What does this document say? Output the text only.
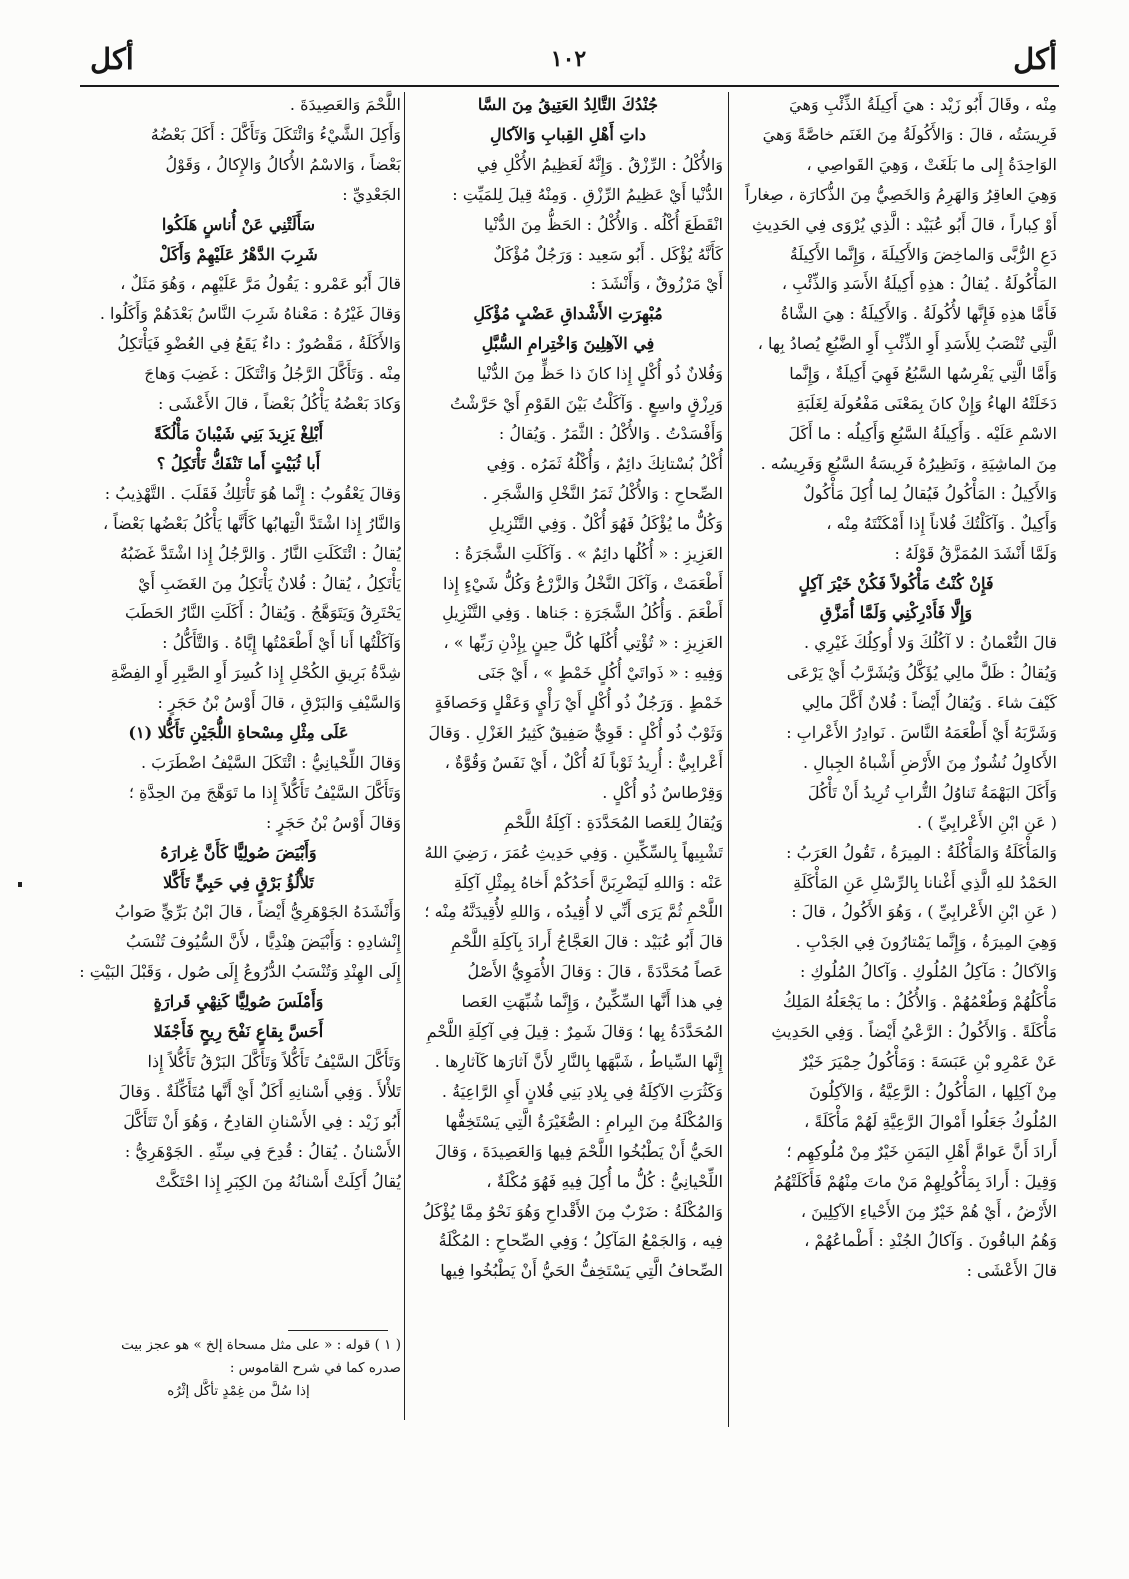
أكل
١٠٢
أكل

مِنْه ، وقَالَ أَبُو زَيْد : هيَ أَكِيلَةُ الذِّئْبِ وَهيَ

فَرِيسَتُه ، قالَ : وَالأَكُولَةُ مِنَ الغَنَم خاصَّةً وَهيَ

الوَاحِدَةُ إِلى ما بَلَغَتْ ، وَهِيَ القَواصِي ،

وَهِيَ العاقِرُ وَالهَرِمُ وَالخَصِيُّ مِنَ الذُّكارَة ، صِغاراً

أَوْ كِباراً ، قالَ أَبُو عُبَيْد : الَّذِي يُرْوَى فِي الحَدِيثِ

دَعِ الرُّبَّى وَالماخِضَ وَالأَكِيلَةَ ، وَإِنَّما الأَكِيلَةُ

المَأْكُولَةُ . يُقالُ : هذِهِ أَكِيلَةُ الأَسَدِ وَالذِّئْبِ ،

فَأَمَّا هذِهِ فَإِنَّها لأُكُولَةُ . وَالأَكِيلَةُ : هِيَ الشَّاةُ

الَّتِي تُنْصَبُ لِلأَسَدِ أَوِ الذِّئْبِ أَوِ الضَّبُعِ يُصادُ بِها ،

وَأَمَّا الَّتِي يَفْرِسُها السَّبُعُ فَهِيَ أَكِيلَةٌ ، وَإِنَّما

دَخَلَتْهُ الهاءُ وَإِنْ كانَ بِمَعْنَى مَفْعُولَة لِغَلَبَةِ

الاسْمِ عَلَيْه . وَأَكِيلَةُ السَّبُعِ وَأَكِيلُه : ما أَكَلَ

مِنَ الماشِيَةِ ، وَنَظِيرُهُ فَرِيسَةُ السَّبُعِ وَفَرِيسُه .

وَالأَكِيلُ : المَأْكُولُ فَيُقالُ لِما أُكِلَ مَأْكُولٌ

وَأَكِيلٌ . وَآكَلْتُكَ فُلاناً إِذا أَمْكَنْتَهُ مِنْه ،

وَلَمَّا أَنْشَدَ المُمَزَّقُ قَوْلَهُ :

فَإِنْ كُنْتُ مَأْكُولاً فَكُنْ خَيْرَ آكِلٍ

وَإِلَّا فَأَدْرِكْنِي وَلَمَّا أُمَزَّقِ

قالَ النُّعْمانُ : لا آكُلُكَ وَلا أُوكِلُكَ غَيْرِي .

وَيُقالُ : ظَلَّ مالِي يُؤَكَّلُ وَيُشَرَّبُ أَيْ يَرْعَى

كَيْفَ شاءَ . وَيُقالُ أَيْضاً : فُلانٌ أَكَّلَ مالِي

وَشَرَّبَهُ أَيْ أَطْعَمَهُ النَّاسَ . نَوادِرُ الأَعْرابِ :

الأَكاوِلُ نُشُوزٌ مِنَ الأَرْضِ أَشْباهُ الجِبالِ .

وَأَكَلَ البَهْمَةُ تَناوُلُ التُّرابِ تُرِيدُ أَنْ تَأْكُلَ

( عَنِ ابْنِ الأَعْرابِيِّ ) .

وَالمَأْكَلَةُ وَالمَأْكُلَةُ : المِيرَةُ ، تَقُولُ العَرَبُ :

الحَمْدُ للهِ الَّذِي أَغْنانا بِالرِّسْلِ عَنِ المَأْكَلَةِ

( عَنِ ابْنِ الأَعْرابِيِّ ) ، وَهُوَ الأَكُولُ ، قالَ :

وَهِيَ المِيرَةُ ، وَإِنَّما يَمْتارُونَ فِي الجَدْبِ .

وَالآكالُ : مَآكِلُ المُلُوكِ . وَآكالُ المُلُوكِ :

مَأْكَلُهُمْ وَطُعْمُهُمْ . وَالأُكُلُ : ما يَجْعَلُهُ المَلِكُ

مَأْكَلَةً . وَالأَكُولُ : الرَّعْيُ أَيْضاً . وَفِي الحَدِيثِ

عَنْ عَمْرِو بْنِ عَبَسَةَ : وَمَأْكُولُ حِمْيَرَ خَيْرٌ

مِنْ آكِلِها ، المَأْكُولُ : الرَّعِيَّةُ ، وَالآكِلُونَ

المُلُوكُ جَعَلُوا أَمْوالَ الرَّعِيَّةِ لَهُمْ مَأْكَلَةً ،

أَرادَ أَنَّ عَوامَّ أَهْلِ اليَمَنِ خَيْرٌ مِنْ مُلُوكِهِم ؛

وَقِيلَ : أَرادَ بِمَأْكُولِهِمْ مَنْ ماتَ مِنْهُمْ فَأَكَلَتْهُمُ

الأَرْضُ ، أَيْ هُمْ خَيْرٌ مِنَ الأَحْياءِ الآكِلِينَ ،

وَهُمُ الباقُونَ . وَآكالُ الجُنْدِ : أَطْماعُهُمْ ،

قالَ الأَعْشَى :

جُنْدُكَ التَّالِدُ العَتِيقُ مِنَ السَّا

داتِ أَهْلِ القِبابِ وَالآكالِ

وَالأُكْلُ : الرِّزْقُ . وَإِنَّهُ لَعَظِيمُ الأُكْلِ فِي

الدُّنْيا أَيْ عَظِيمُ الرِّزْقِ . وَمِنْهُ قِيلَ لِلمَيِّتِ :

انْقَطَعَ أُكْلُه . وَالأُكْلُ : الحَظُّ مِنَ الدُّنْيا

كَأَنَّهُ يُؤْكَل . أَبُو سَعِيد : وَرَجُلٌ مُؤْكَلٌ

أَيْ مَرْزُوقٌ ، وَأَنْشَدَ :

مُبْهِرَتِ الأَشْداقِ عَضْبٍ مُؤْكَلِ

فِي الآهِلِينَ وَاخْتِرامِ السُّبَّلِ

وَفُلانٌ ذُو أُكْلٍ إِذا كانَ ذا حَظٍّ مِنَ الدُّنْيا

وَرِزْقٍ واسِعٍ . وَآكَلْتُ بَيْنَ القَوْمِ أَيْ حَرَّشْتُ

وَأَفْسَدْتُ . وَالأُكْلُ : الثَّمَرُ . وَيُقالُ :

أُكْلُ بُسْتانِكَ دائِمٌ ، وَأُكْلُهُ ثَمَرُه . وَفِي

الصِّحاحِ : وَالأُكْلُ ثَمَرُ النَّخْلِ وَالشَّجَرِ .

وَكُلُّ ما يُؤْكَلُ فَهُوَ أُكْلٌ . وَفِي التَّنْزِيلِ

العَزِيزِ : « أُكُلُها دائِمٌ » . وَآكَلَتِ الشَّجَرَةُ :

أَطْعَمَتْ ، وَآكَلَ النَّخْلُ وَالزَّرْعُ وَكُلُّ شَيْءٍ إِذا

أَطْعَمَ . وَأُكُلُ الشَّجَرَةِ : جَناها . وَفِي التَّنْزِيلِ

العَزِيزِ : « تُؤْتِي أُكُلَها كُلَّ حِينٍ بِإِذْنِ رَبِّها » ،

وَفِيهِ : « ذَواتَيْ أُكُلٍ خَمْطٍ » ، أَيْ جَنَى

خَمْطٍ . وَرَجُلٌ ذُو أُكْلٍ أَيْ رَأْيٍ وَعَقْلٍ وَحَصافَةٍ

وَثَوْبٌ ذُو أُكْلٍ : قَوِيٌّ صَفِيقٌ كَثِيرُ الغَزْلِ . وَقالَ

أَعْرابِيٌّ : أُرِيدُ ثَوْباً لَهُ أُكْلٌ ، أَيْ نَفَسٌ وَقُوَّةٌ ،

وَقِرْطاسٌ ذُو أُكْلٍ .

وَيُقالُ لِلعَصا المُحَدَّدَةِ : آكِلَةُ اللَّحْمِ

تَشْبِيهاً بِالسِّكِّينِ . وَفِي حَدِيثِ عُمَرَ ، رَضِيَ اللهُ

عَنْه : وَاللهِ لَيَضْرِبَنَّ أَحَدُكُمْ أَخاهُ بِمِثْلِ آكِلَةِ

اللَّحْمِ ثُمَّ يَرَى أَنِّي لا أُقِيدُه ، وَاللهِ لأُقِيدَنَّهُ مِنْه ؛

قالَ أَبُو عُبَيْد : قالَ العَجَّاجُ أَرادَ بِآكِلَةِ اللَّحْمِ

عَصاً مُحَدَّدَةً ، قالَ : وَقالَ الأُمَوِيُّ الأَصْلُ

فِي هذا أَنَّها السِّكِّينُ ، وَإِنَّما شُبِّهَتِ العَصا

المُحَدَّدَةُ بِها ؛ وَقالَ شَمِرٌ : قِيلَ فِي آكِلَةِ اللَّحْمِ

إِنَّها السِّياطُ ، شَبَّهَها بِالنَّارِ لأَنَّ آثارَها كَآثارِها .

وَكَثُرَتِ الآكِلَةُ فِي بِلادِ بَنِي فُلانٍ أَيِ الرَّاعِيَةُ .

وَالمُكْلَةُ مِنَ البِرامِ : الصُّغَيْرَةُ الَّتِي يَسْتَخِفُّها

الحَيُّ أَنْ يَطْبُخُوا اللَّحْمَ فِيها وَالعَصِيدَةَ ، وَقالَ

اللِّحْيانِيُّ : كُلُّ ما أُكِلَ فِيهِ فَهُوَ مُكْلَةٌ ،

وَالمُكْلَةُ : ضَرْبٌ مِنَ الأَقْداحِ وَهُوَ نَحْوُ مِمَّا يُؤْكَلُ

فِيه ، وَالجَمْعُ المَآكِلُ ؛ وَفِي الصِّحاحِ : المُكْلَةُ

الصِّحافُ الَّتِي يَسْتَخِفُّ الحَيُّ أَنْ يَطْبُخُوا فِيها

اللَّحْمَ وَالعَصِيدَةَ .

وَأَكِلَ الشَّيْءُ وَائْتَكَلَ وَتَأَكَّلَ : أَكَلَ بَعْضُهُ

بَعْضاً ، وَالاسْمُ الأُكالُ وَالإِكالُ ، وَقَوْلُ

الجَعْدِيِّ :

سَأَلَتْنِي عَنْ أُناسٍ هَلَكُوا

شَرِبَ الدَّهْرُ عَلَيْهِمْ وَأَكَلْ

قالَ أَبُو عَمْرو : يَقُولُ مَرَّ عَلَيْهِم ، وَهُوَ مَثَلٌ ،

وَقالَ غَيْرُهُ : مَعْناهُ شَرِبَ النَّاسُ بَعْدَهُمْ وَأَكَلُوا .

وَالأَكَلَةُ ، مَقْصُورٌ : داءٌ يَقَعُ فِي العُضْوِ فَيَأْتَكِلُ

مِنْه . وَتَأَكَّلَ الرَّجُلُ وَائْتَكَلَ : غَضِبَ وَهاجَ

وَكادَ بَعْضُهُ يَأْكُلُ بَعْضاً ، قالَ الأَعْشَى :

أَبْلِغْ يَزِيدَ بَنِي شَيْبانَ مَأْلُكَةً

أَبا ثُبَيْتٍ أَما تَنْفَكُّ تَأْتَكِلُ ؟

وَقالَ يَعْقُوبُ : إِنَّما هُوَ تَأْتَلِكُ فَقَلَبَ . التَّهْذِيبُ :

وَالنَّارُ إِذا اشْتَدَّ الْتِهابُها كَأَنَّها يَأْكُلُ بَعْضُها بَعْضاً ،

يُقالُ : ائْتَكَلَتِ النَّارُ . وَالرَّجُلُ إِذا اشْتَدَّ غَضَبُهُ

يَأْتَكِلُ ، يُقالُ : فُلانٌ يَأْتَكِلُ مِنَ الغَضَبِ أَيْ

يَحْتَرِقُ وَيَتَوَهَّجُ . وَيُقالُ : أَكَلَتِ النَّارُ الحَطَبَ

وَآكَلْتُها أَنا أَيْ أَطْعَمْتُها إِيَّاهُ . وَالتَّأَكُّلُ :

شِدَّةُ بَرِيقِ الكُحْلِ إِذا كُسِرَ أَوِ الصَّبِرِ أَوِ الفِضَّةِ

وَالسَّيْفِ وَالبَرْقِ ، قالَ أَوْسُ بْنُ حَجَرٍ :

عَلَى مِثْلِ مِسْحاةِ اللُّجَيْنِ تَأَكُّلا (١)

وَقالَ اللِّحْيانِيُّ : ائْتَكَلَ السَّيْفُ اضْطَرَبَ .

وَتَأَكَّلَ السَّيْفُ تَأَكُّلاً إِذا ما تَوَهَّجَ مِنَ الحِدَّةِ ؛

وَقالَ أَوْسُ بْنُ حَجَرٍ :

وَأَبْيَضَ صُولِيًّا كَأَنَّ غِرارَهُ

تَلأْلُؤُ بَرْقٍ فِي حَبِيٍّ تَأَكَّلا

وَأَنْشَدَهُ الجَوْهَرِيُّ أَيْضاً ، قالَ ابْنُ بَرِّيٍّ صَوابُ

إِنْشادِهِ : وَأَبْيَضَ هِنْدِيًّا ، لأَنَّ السُّيُوفَ تُنْسَبُ

إِلَى الهِنْدِ وَتُنْسَبُ الدُّرُوعُ إِلَى صُول ، وَقَبْلَ البَيْتِ :

وَأَمْلَسَ صُولِيًّا كَنِهْيِ قَرارَةٍ

أَحَسَّ بِقاعٍ نَفْحَ رِيحٍ فَأَجْفَلا

وَتَأَكَّلَ السَّيْفُ تَأَكُّلاً وَتَأَكَّلَ البَرْقُ تَأَكُّلاً إِذا

تَلأْلأَ . وَفِي أَسْنانِهِ أَكَلٌ أَيْ أَنَّها مُتَأَكِّلَةٌ . وَقالَ

أَبُو زَيْد : فِي الأَسْنانِ القادِحُ ، وَهُوَ أَنْ تَتَأَكَّلَ

الأَسْنانُ . يُقالُ : قُدِحَ فِي سِنِّهِ . الجَوْهَرِيُّ :

يُقالُ أَكِلَتْ أَسْنانُهُ مِنَ الكِبَرِ إِذا احْتَكَّتْ

( ١ ) قوله : « على مثل مسحاة إلخ » هو عجز بيت

صدره كما في شرح القاموس :

إذا سُلَّ من غِمْدٍ تأكَّل إثْرُه
